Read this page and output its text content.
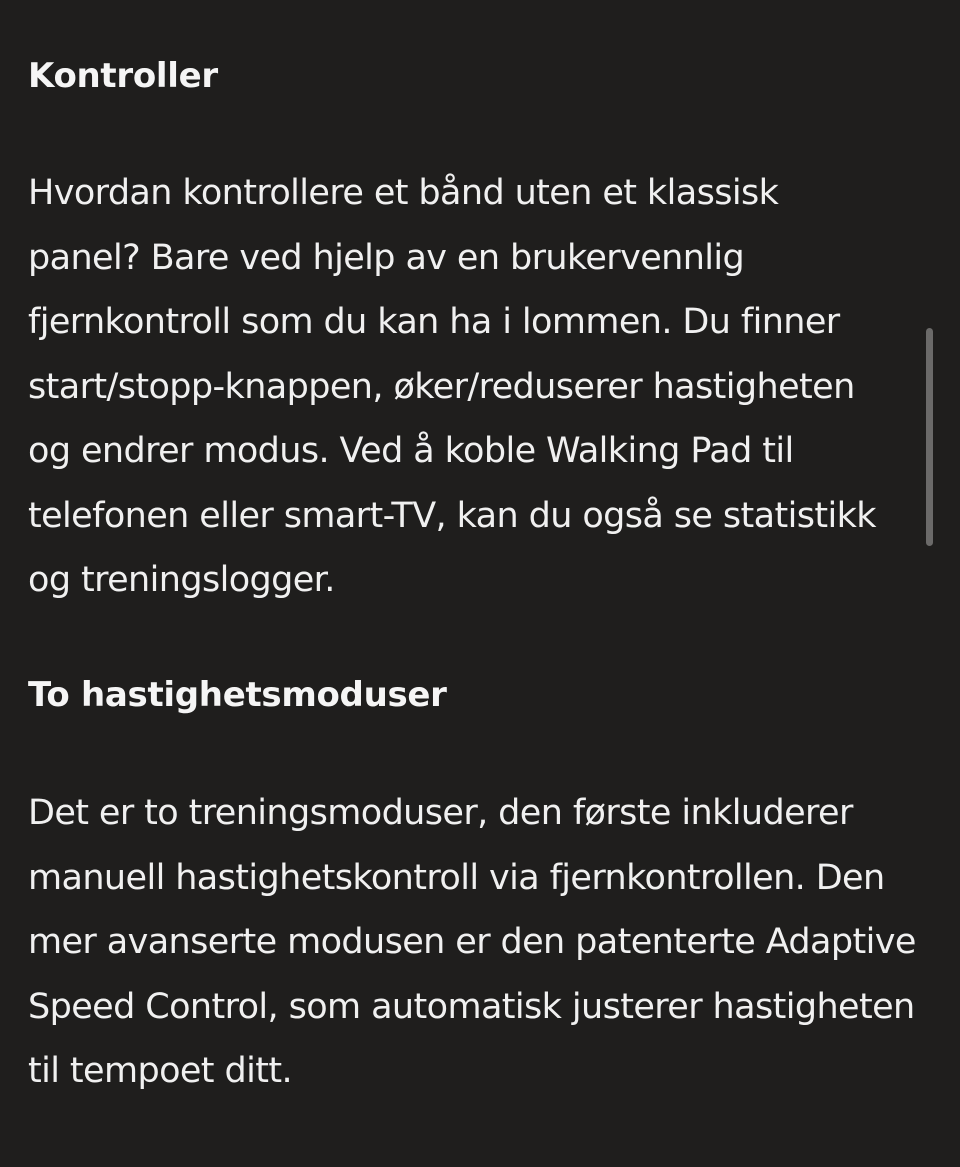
Kontroller

Hvordan kontrollere et bånd uten et klassisk panel? Bare ved hjelp av en brukervennlig fjernkontroll som du kan ha i lommen. Du finner start/stopp-knappen, øker/reduserer hastigheten og endrer modus. Ved å koble Walking Pad til telefonen eller smart-TV, kan du også se statistikk og treningslogger.

To hastighetsmoduser

Det er to treningsmoduser, den første inkluderer manuell hastighetskontroll via fjernkontrollen. Den mer avanserte modusen er den patenterte Adaptive Speed Control, som automatisk justerer hastigheten til tempoet ditt.
